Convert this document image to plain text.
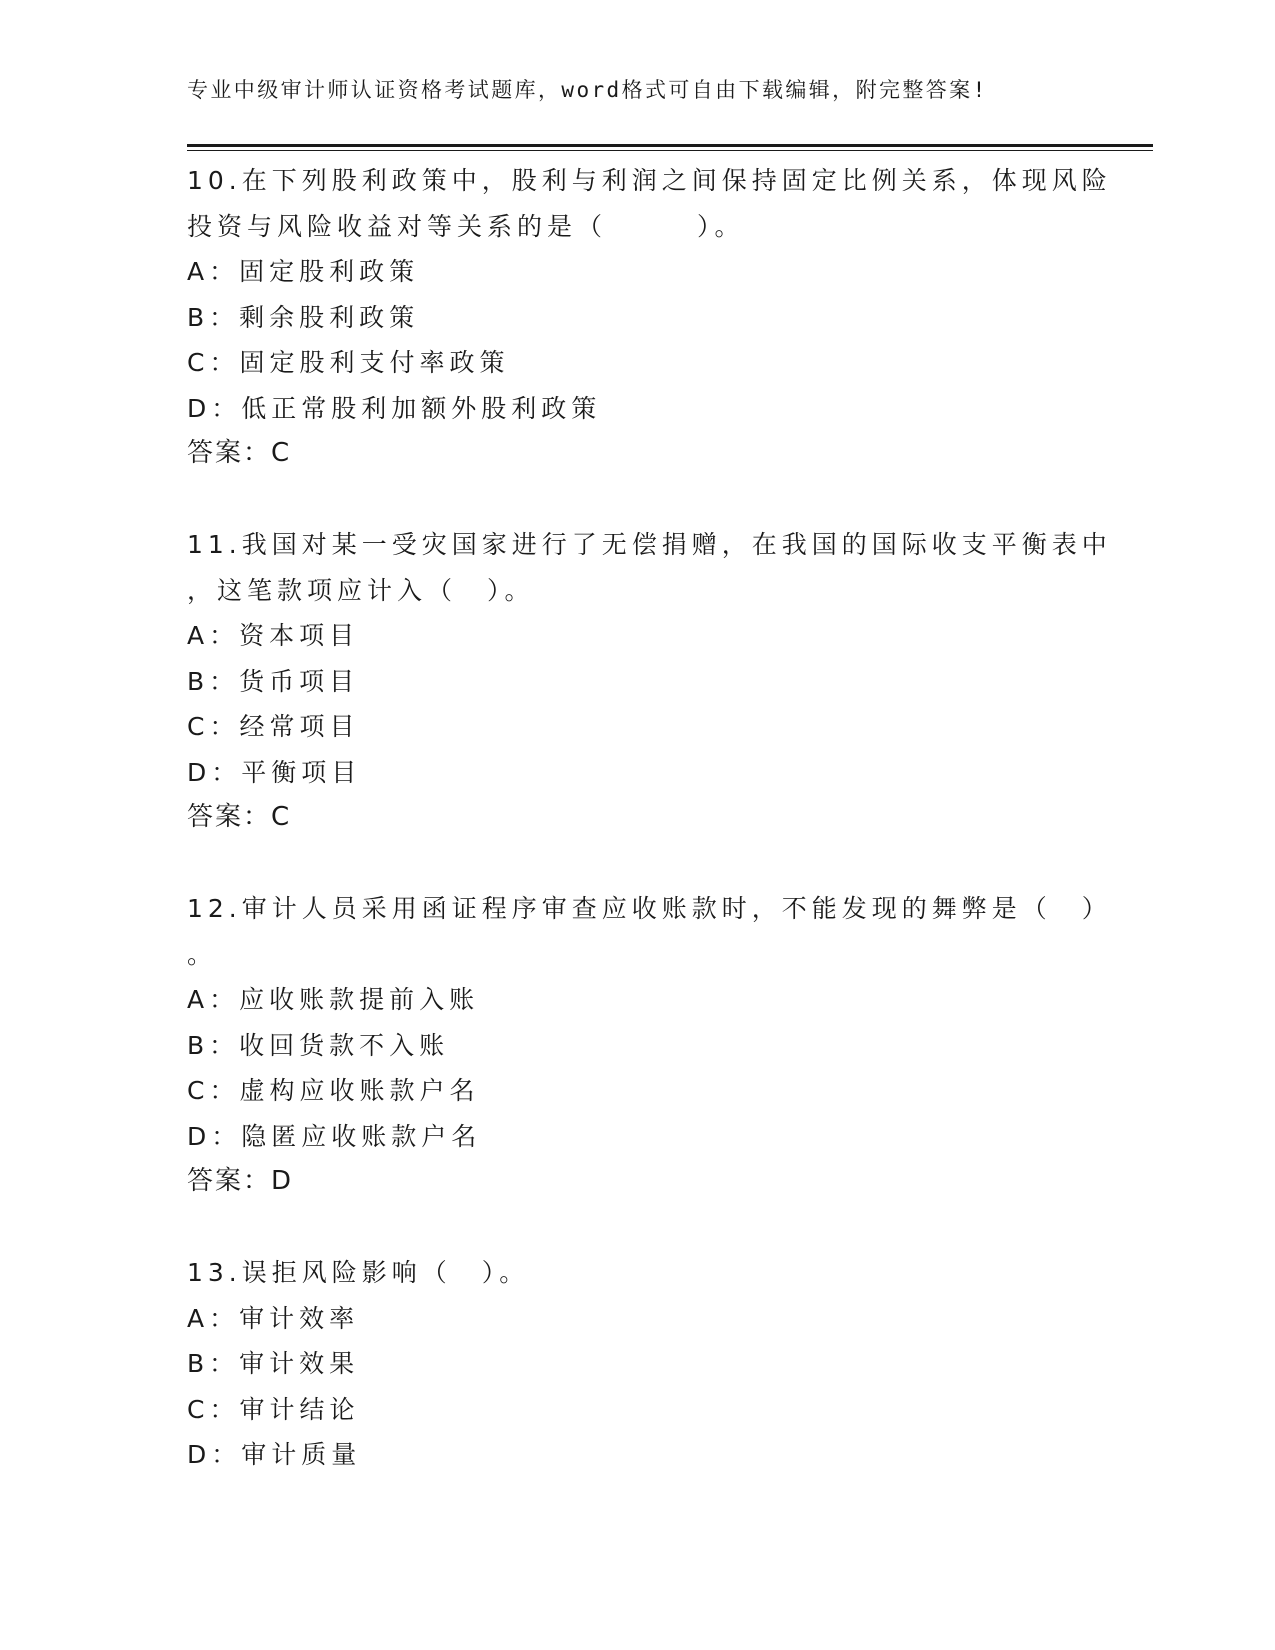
专业中级审计师认证资格考试题库，word格式可自由下载编辑，附完整答案!
10.在下列股利政策中，股利与利润之间保持固定比例关系，体现风险
投资与风险收益对等关系的是（　　　）。
A：固定股利政策
B：剩余股利政策
C：固定股利支付率政策
D：低正常股利加额外股利政策
答案：C
11.我国对某一受灾国家进行了无偿捐赠，在我国的国际收支平衡表中
，这笔款项应计入（　）。
A：资本项目
B：货币项目
C：经常项目
D：平衡项目
答案：C
12.审计人员采用函证程序审查应收账款时，不能发现的舞弊是（　）
。
A：应收账款提前入账
B：收回货款不入账
C：虚构应收账款户名
D：隐匿应收账款户名
答案：D
13.误拒风险影响（　）。
A：审计效率
B：审计效果
C：审计结论
D：审计质量
